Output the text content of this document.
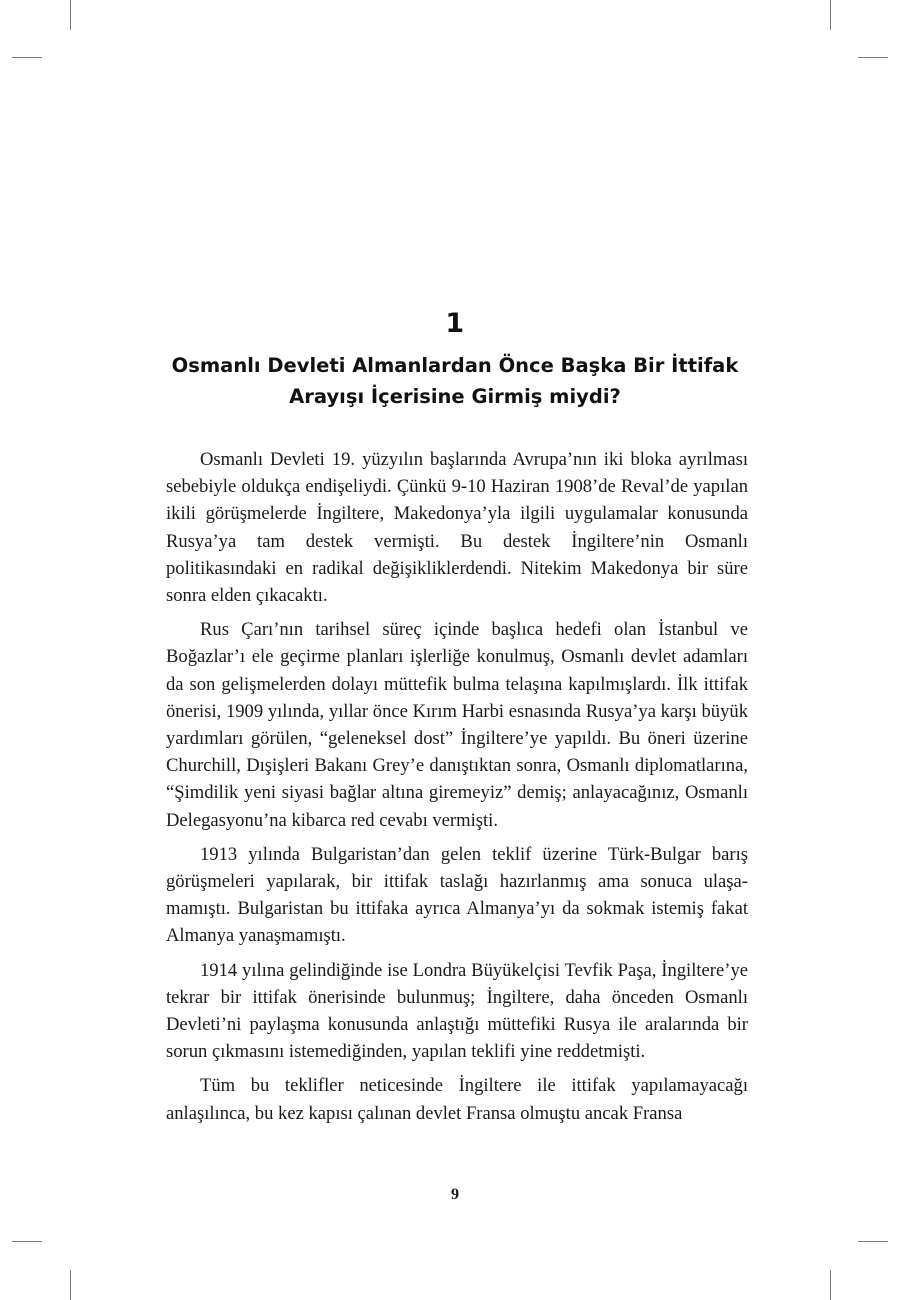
1
Osmanlı Devleti Almanlardan Önce Başka Bir İttifak
Arayışı İçerisine Girmiş miydi?

Osmanlı Devleti 19. yüzyılın başlarında Avrupa’nın iki bloka ayrılması sebebiyle oldukça endişeliydi. Çünkü 9-10 Haziran 1908’de Reval’de yapılan ikili görüşmelerde İngiltere, Makedonya’yla ilgili uygulamalar konusunda Rusya’ya tam destek vermişti. Bu destek İngiltere’nin Osmanlı politikasındaki en radikal değişikliklerdendi. Nitekim Makedonya bir süre sonra elden çıkacaktı.

Rus Çarı’nın tarihsel süreç içinde başlıca hedefi olan İstanbul ve Boğazlar’ı ele geçirme planları işlerliğe konulmuş, Osmanlı devlet adamları da son gelişmelerden dolayı müttefik bulma telaşına kapılmışlardı. İlk ittifak önerisi, 1909 yılında, yıllar önce Kırım Harbi esnasında Rusya’ya karşı büyük yardımları görülen, “geleneksel dost” İngiltere’ye yapıldı. Bu öneri üzerine Churchill, Dışişleri Bakanı Grey’e danıştıktan sonra, Osmanlı diplomatlarına, “Şimdilik yeni siyasi bağlar altına giremeyiz” demiş; anlayacağınız, Osmanlı Delegasyonu’na kibarca red cevabı vermişti.

1913 yılında Bulgaristan’dan gelen teklif üzerine Türk-Bulgar barış görüşmeleri yapılarak, bir ittifak taslağı hazırlanmış ama sonuca ulaşamamıştı. Bulgaristan bu ittifaka ayrıca Almanya’yı da sokmak istemiş fakat Almanya yanaşmamıştı.

1914 yılına gelindiğinde ise Londra Büyükelçisi Tevfik Paşa, İngiltere’ye tekrar bir ittifak önerisinde bulunmuş; İngiltere, daha önceden Osmanlı Devleti’ni paylaşma konusunda anlaştığı müttefiki Rusya ile aralarında bir sorun çıkmasını istemediğinden, yapılan teklifi yine reddetmişti.

Tüm bu teklifler neticesinde İngiltere ile ittifak yapılamayacağı anlaşılınca, bu kez kapısı çalınan devlet Fransa olmuştu ancak Fransa

9
